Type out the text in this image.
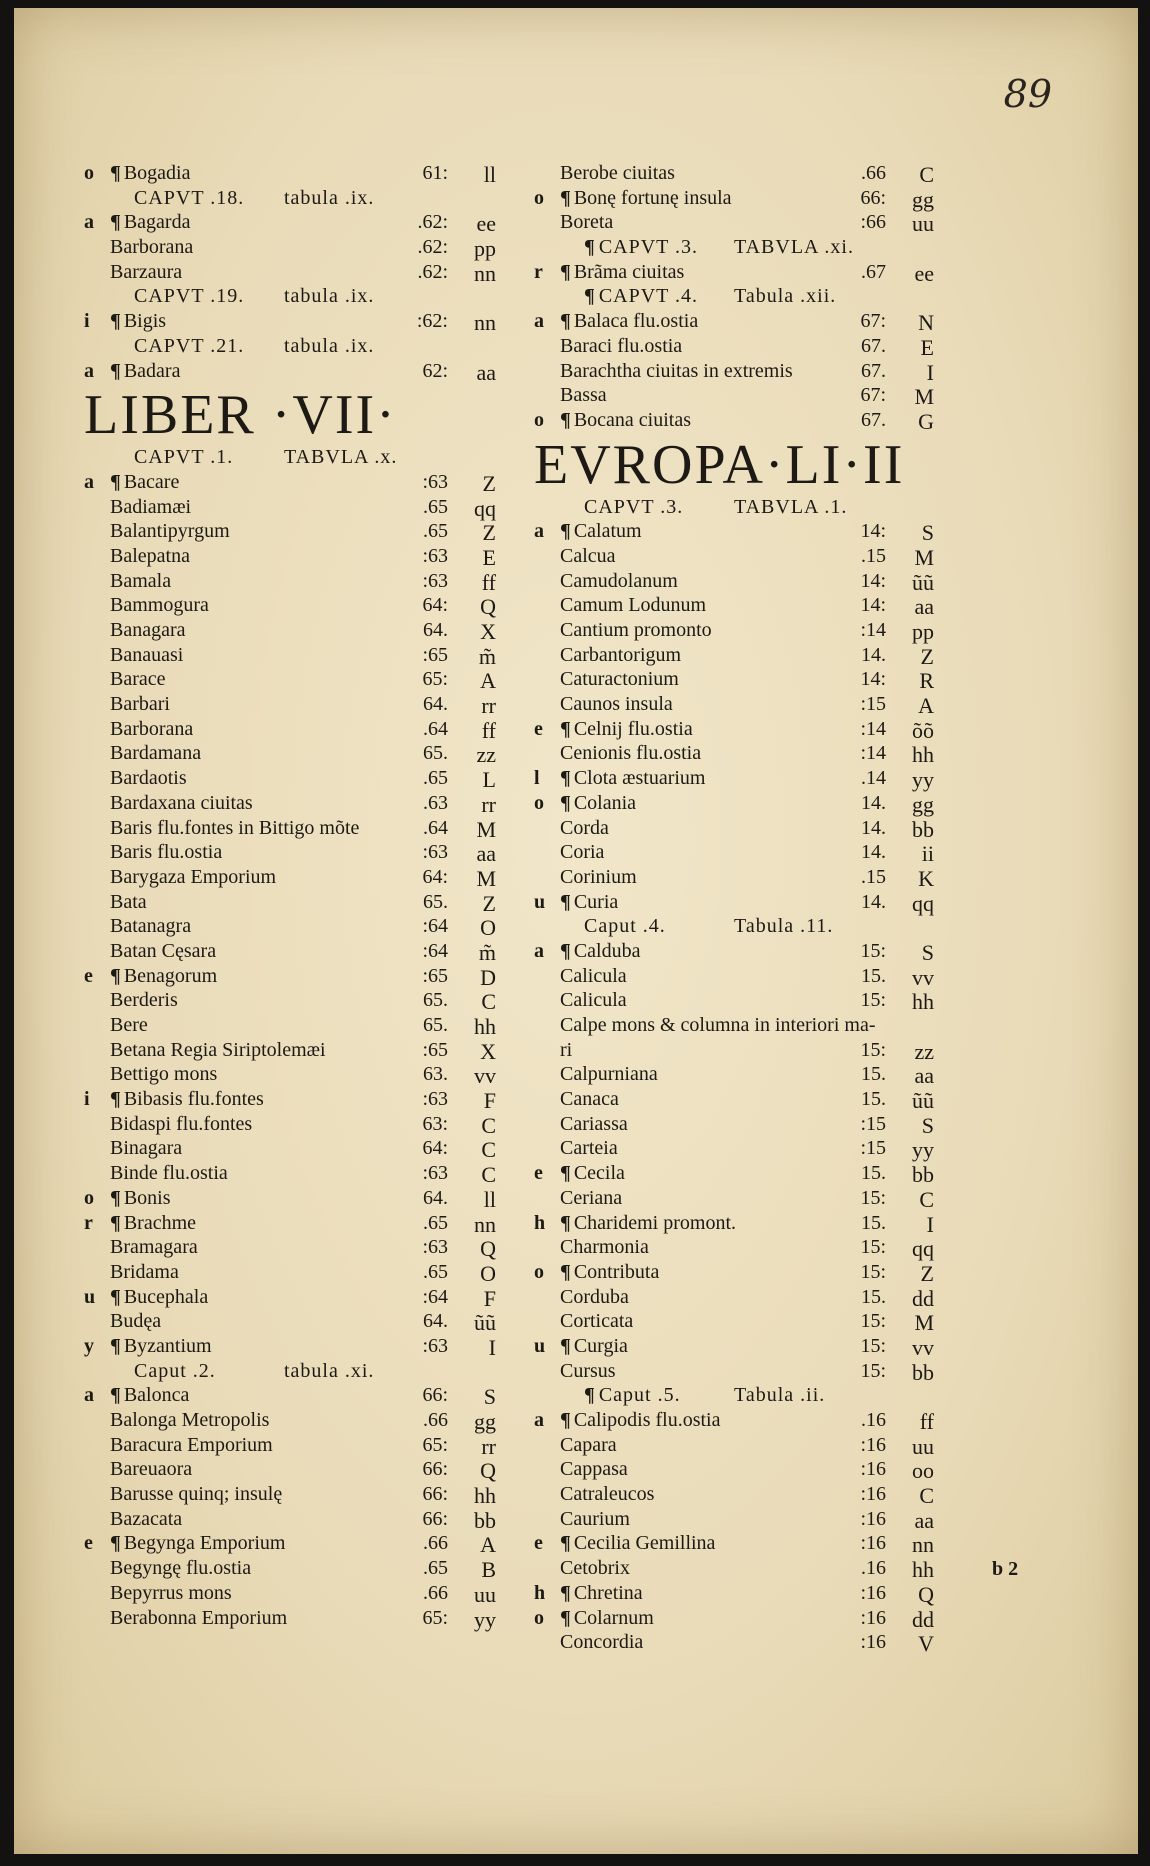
89
o	¶ Bogadia	61: ll
CAPVT .18. tabula .ix.
a	¶ Bagarda	.62: ee
Barborana	.62: pp
Barzaura	.62: nn
CAPVT .19. tabula .ix.
i	¶ Bigis	:62: nn
CAPVT .21. tabula .ix.
a	¶ Badara	62: aa
LIBER ·VII·
CAPVT .1.	TABVLA .x.
a	¶ Bacare	:63 Z
Badiamæi	.65 qq
Balantipyrgum	.65 Z
Balepatna	:63 E
Bamala	:63 ff
Bammogura	64: Q
Banagara	64. X
Banauasi	:65 m̃
Barace	65: A
Barbari	64. rr
Barborana	.64 ff
Bardamana	65. zz
Bardaotis	.65 L
Bardaxana ciuitas	.63 rr
Baris flu.fontes in Bittigo mõte	.64 M
Baris flu.ostia	:63 aa
Barygaza Emporium	64: M
Bata	65. Z
Batanagra	:64 O
Batan Cęsara	:64 m̃
e	¶ Benagorum	:65 D
Berderis	65. C
Bere	65. hh
Betana Regia Siriptolemæi	:65 X
Bettigo mons	63. vv
i	¶ Bibasis flu.fontes	:63 F
Bidaspi flu.fontes	63: C
Binagara	64: C
Binde flu.ostia	:63 C
o	¶ Bonis	64. ll
r	¶ Brachme	.65 nn
Bramagara	:63 Q
Bridama	.65 O
u	¶ Bucephala	:64 F
Budęa	64. ũũ
y	¶ Byzantium	:63 I
Caput .2.	tabula .xi.
a	¶ Balonca	66: S
Balonga Metropolis	.66 gg
Baracura Emporium	65: rr
Bareuaora	66: Q
Barusse quinq; insulę	66: hh
Bazacata	66: bb
e	¶ Begynga Emporium	.66 A
Begyngę flu.ostia	.65 B
Bepyrrus mons	.66 uu
Berabonna Emporium	65: yy
Berobe ciuitas	.66 C
o	¶ Bonę fortunę insula	66: gg
Boreta	:66 uu
¶ CAPVT .3. TABVLA .xi.
r	¶ Brãma ciuitas	.67 ee
¶ CAPVT .4. Tabula .xii.
a	¶ Balaca flu.ostia	67: N
Baraci flu.ostia	67. E
Barachtha ciuitas in extremis	67. I
Bassa	67: M
o	¶ Bocana ciuitas	67. G
EVROPA·LI·II
CAPVT .3.	TABVLA .1.
a	¶ Calatum	14: S
Calcua	.15 M
Camudolanum	14: ũũ
Camum Lodunum	14: aa
Cantium promonto	:14 pp
Carbantorigum	14. Z
Caturactonium	14: R
Caunos insula	:15 A
e	¶ Celnij flu.ostia	:14 õõ
Cenionis flu.ostia	:14 hh
l	¶ Clota æstuarium	.14 yy
o	¶ Colania	14. gg
Corda	14. bb
Coria	14. ii
Corinium	.15 K
u	¶ Curia	14. qq
Caput .4.	Tabula .11.
a	¶ Calduba	15: S
Calicula	15. vv
Calicula	15: hh
Calpe mons & columna in interiori ma-
ri	15: zz
Calpurniana	15. aa
Canaca	15. ũũ
Cariassa	:15 S
Carteia	:15 yy
e	¶ Cecila	15. bb
Ceriana	15: C
h	¶ Charidemi promont.	15. I
Charmonia	15: qq
o	¶ Contributa	15: Z
Corduba	15. dd
Corticata	15: M
u	¶ Curgia	15: vv
Cursus	15: bb
¶ Caput .5.	Tabula .ii.
a	¶ Calipodis flu.ostia	.16 ff
Capara	:16 uu
Cappasa	:16 oo
Catraleucos	:16 C
Caurium	:16 aa
e	¶ Cecilia Gemillina	:16 nn
Cetobrix	.16 hh
h	¶ Chretina	:16 Q
o	¶ Colarnum	:16 dd
Concordia	:16 V
b 2
